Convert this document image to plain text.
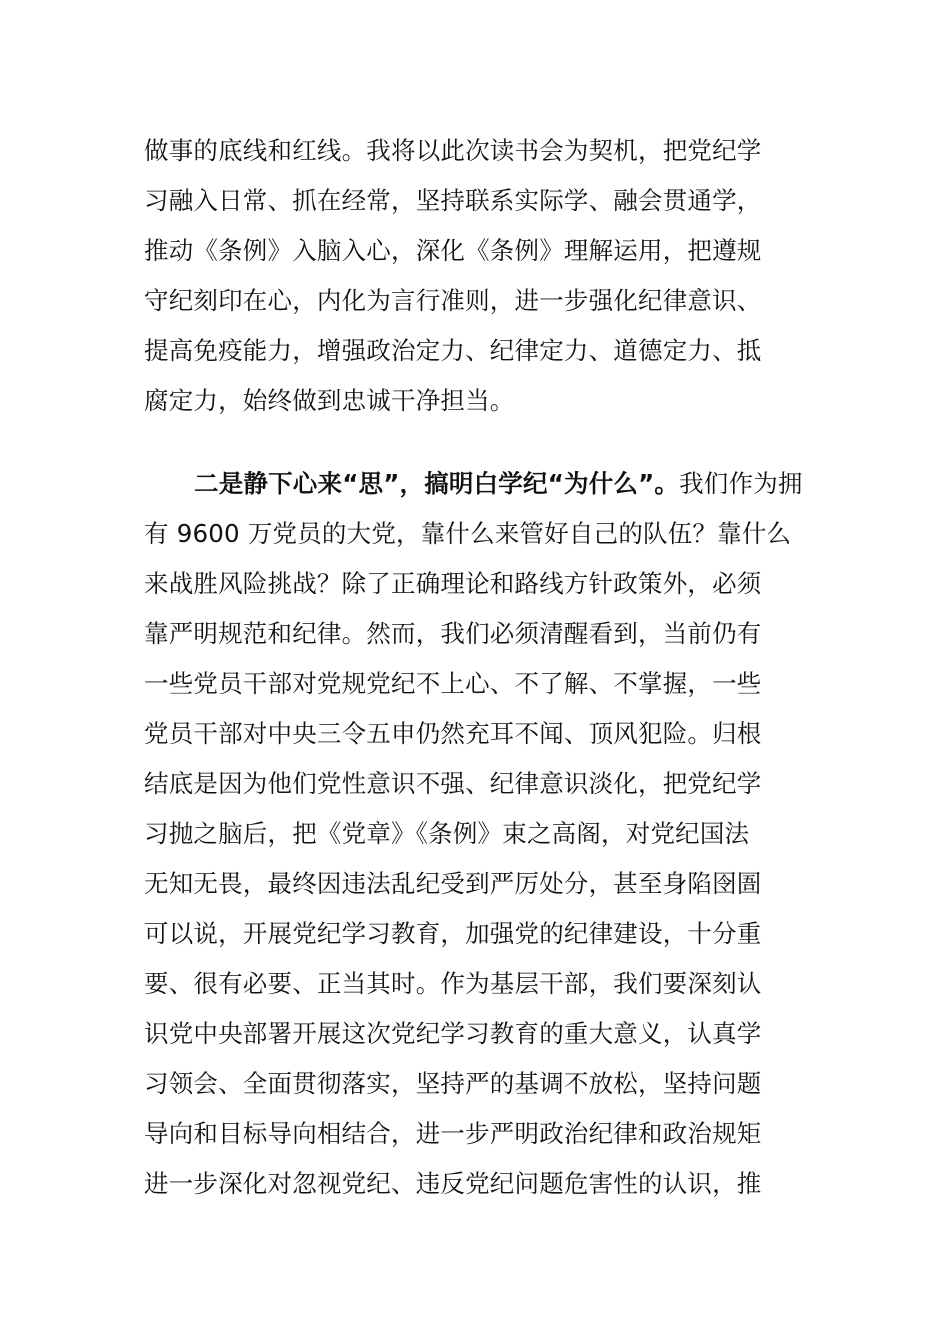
做事的底线和红线。我将以此次读书会为契机，把党纪学
习融入日常、抓在经常，坚持联系实际学、融会贯通学，
推动《条例》入脑入心，深化《条例》理解运用，把遵规
守纪刻印在心，内化为言行准则，进一步强化纪律意识、
提高免疫能力，增强政治定力、纪律定力、道德定力、抵
腐定力，始终做到忠诚干净担当。
二是静下心来“思”，搞明白学纪“为什么”。我们作为拥
有 9600 万党员的大党，靠什么来管好自己的队伍？靠什么
来战胜风险挑战？除了正确理论和路线方针政策外，必须
靠严明规范和纪律。然而，我们必须清醒看到，当前仍有
一些党员干部对党规党纪不上心、不了解、不掌握，一些
党员干部对中央三令五申仍然充耳不闻、顶风犯险。归根
结底是因为他们党性意识不强、纪律意识淡化，把党纪学
习抛之脑后，把《党章》《条例》束之高阁，对党纪国法
无知无畏，最终因违法乱纪受到严厉处分，甚至身陷囹圄
可以说，开展党纪学习教育，加强党的纪律建设，十分重
要、很有必要、正当其时。作为基层干部，我们要深刻认
识党中央部署开展这次党纪学习教育的重大意义，认真学
习领会、全面贯彻落实，坚持严的基调不放松，坚持问题
导向和目标导向相结合，进一步严明政治纪律和政治规矩
进一步深化对忽视党纪、违反党纪问题危害性的认识，推
